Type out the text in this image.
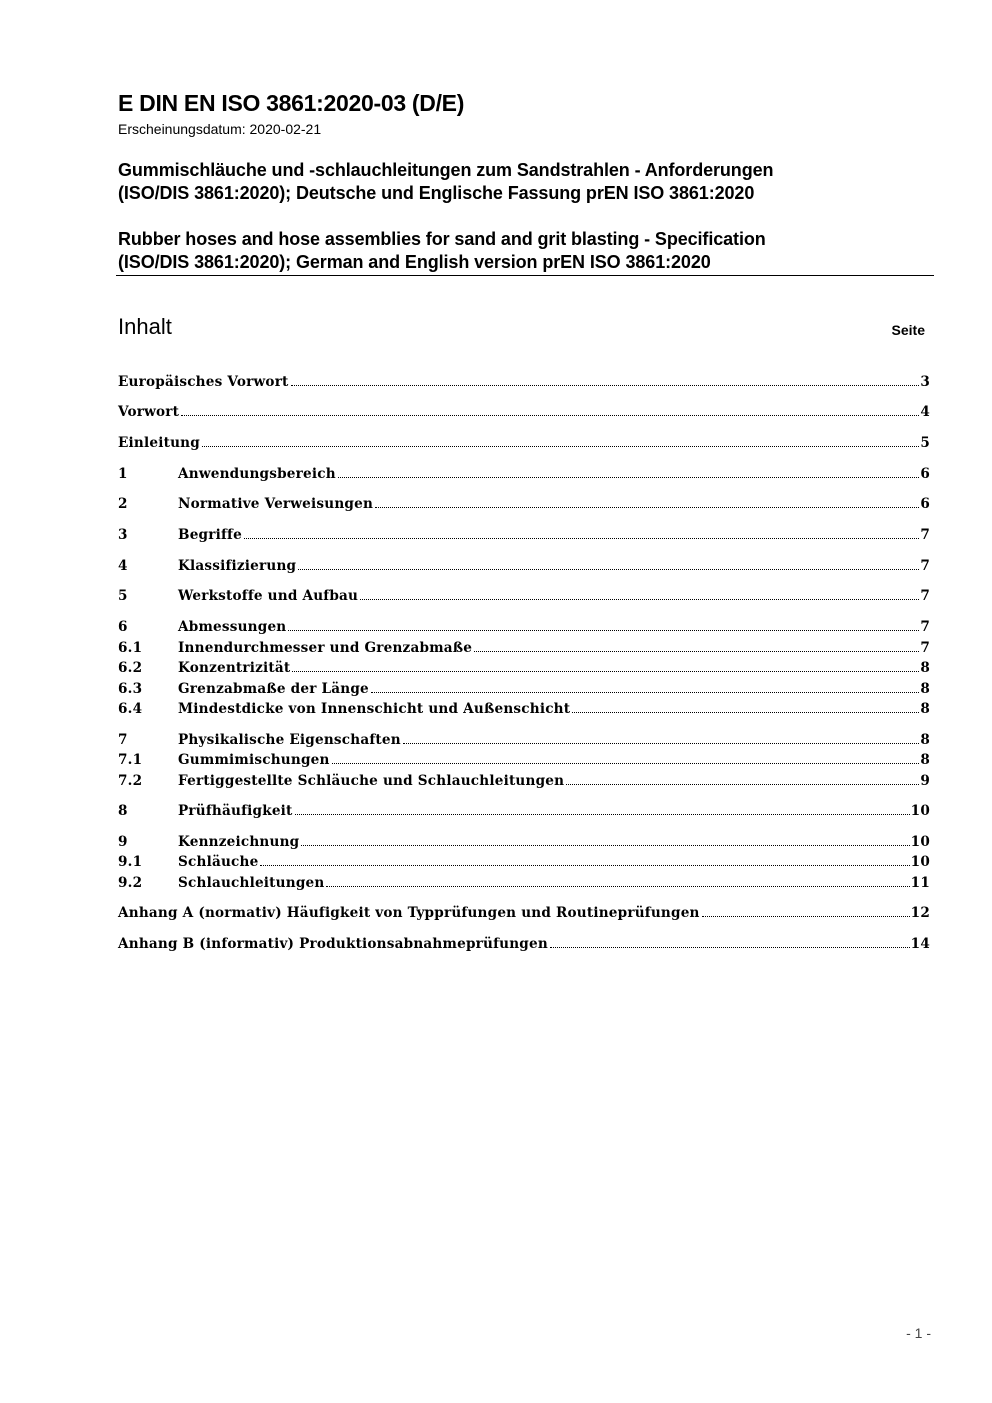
E DIN EN ISO 3861:2020-03 (D/E)
Erscheinungsdatum: 2020-02-21
Gummischläuche und -schlauchleitungen zum Sandstrahlen - Anforderungen
(ISO/DIS 3861:2020); Deutsche und Englische Fassung prEN ISO 3861:2020
Rubber hoses and hose assemblies for sand and grit blasting - Specification
(ISO/DIS 3861:2020); German and English version prEN ISO 3861:2020
Inhalt	Seite
Europäisches Vorwort	3
Vorwort	4
Einleitung	5
1	Anwendungsbereich	6
2	Normative Verweisungen	6
3	Begriffe	7
4	Klassifizierung	7
5	Werkstoffe und Aufbau	7
6	Abmessungen	7
6.1	Innendurchmesser und Grenzabmaße	7
6.2	Konzentrizität	8
6.3	Grenzabmaße der Länge	8
6.4	Mindestdicke von Innenschicht und Außenschicht	8
7	Physikalische Eigenschaften	8
7.1	Gummimischungen	8
7.2	Fertiggestellte Schläuche und Schlauchleitungen	9
8	Prüfhäufigkeit	10
9	Kennzeichnung	10
9.1	Schläuche	10
9.2	Schlauchleitungen	11
Anhang A (normativ) Häufigkeit von Typprüfungen und Routineprüfungen	12
Anhang B (informativ) Produktionsabnahmeprüfungen	14
- 1 -
